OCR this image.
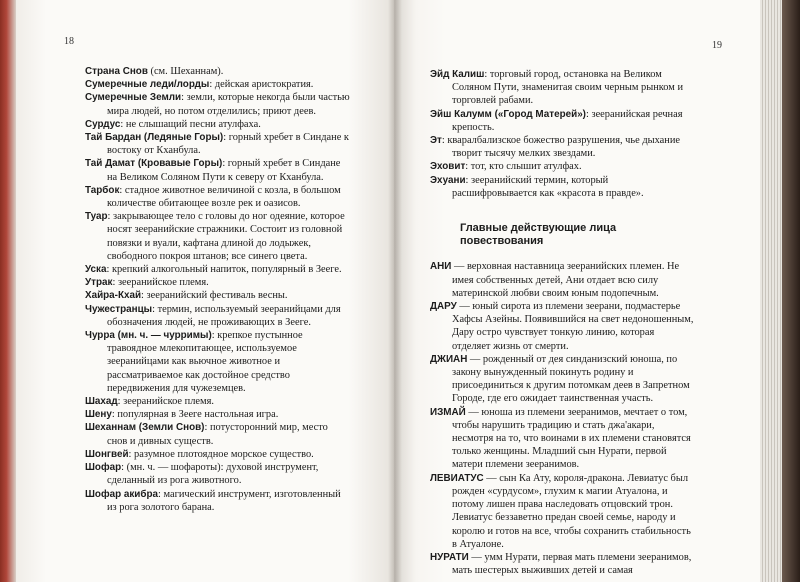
18	19

Страна Снов (см. Шеханнам).

Сумеречные леди/лорды: дейская аристократия.

Сумеречные Земли: земли, которые некогда были частью мира людей, но потом отделились; приют деев.

Сурдус: не слышащий песни атулфаха.

Тай Бардан (Ледяные Горы): горный хребет в Синдане к востоку от Кханбула.

Тай Дамат (Кровавые Горы): горный хребет в Синдане на Великом Соляном Пути к северу от Кханбула.

Тарбок: стадное животное величиной с козла, в большом количестве обитающее возле рек и оазисов.

Туар: закрывающее тело с головы до ног одеяние, которое носят зееранийские стражники. Состоит из головной повязки и вуали, кафтана длиной до лодыжек, свободного покроя штанов; все синего цвета.

Уска: крепкий алкогольный напиток, популярный в Зееге.

Утрак: зееранийское племя.

Хайра-Кхай: зееранийский фестиваль весны.

Чужестранцы: термин, используемый зееранийцами для обозначения людей, не проживающих в Зееге.

Чурра (мн. ч. — чурримы): крепкое пустынное травоядное млекопитающее, используемое зееранийцами как вьючное животное и рассматриваемое как достойное средство передвижения для чужеземцев.

Шахад: зееранийское племя.

Шену: популярная в Зееге настольная игра.

Шеханнам (Земли Снов): потусторонний мир, место снов и дивных существ.

Шонгвей: разумное плотоядное морское существо.

Шофар: (мн. ч. — шофароты): духовой инструмент, сделанный из рога животного.

Шофар акибра: магический инструмент, изготовленный из рога золотого барана.

Эйд Калиш: торговый город, остановка на Великом Соляном Пути, знаменитая своим черным рынком и торговлей рабами.

Эйш Калумм («Город Матерей»): зееранийская речная крепость.

Эт: кваралбализское божество разрушения, чье дыхание творит тысячу мелких звездами.

Эховит: тот, кто слышит атулфах.

Эхуани: зееранийский термин, который расшифровывается как «красота в правде».

Главные действующие лица повествования

АНИ — верховная наставница зееранийских племен. Не имея собственных детей, Ани отдает всю силу материнской любви своим юным подопечным.

ДАРУ — юный сирота из племени зеерани, подмастерье Хафсы Азейны. Появившийся на свет недоношенным, Дару остро чувствует тонкую линию, которая отделяет жизнь от смерти.

ДЖИАН — рожденный от дея синданизский юноша, по закону вынужденный покинуть родину и присоединиться к другим потомкам деев в Запретном Городе, где его ожидает таинственная участь.

ИЗМАЙ — юноша из племени зееранимов, мечтает о том, чтобы нарушить традицию и стать джа'акари, несмотря на то, что воинами в их племени становятся только женщины. Младший сын Нурати, первой матери племени зееранимов.

ЛЕВИАТУС — сын Ка Ату, короля-дракона. Левиатус был рожден «сурдусом», глухим к магии Атуалона, и потому лишен права наследовать отцовский трон. Левиатус беззаветно предан своей семье, народу и королю и готов на все, чтобы сохранить стабильность в Атуалоне.

НУРАТИ — умм Нурати, первая мать племени зееранимов, мать шестерых выживших детей и самая
